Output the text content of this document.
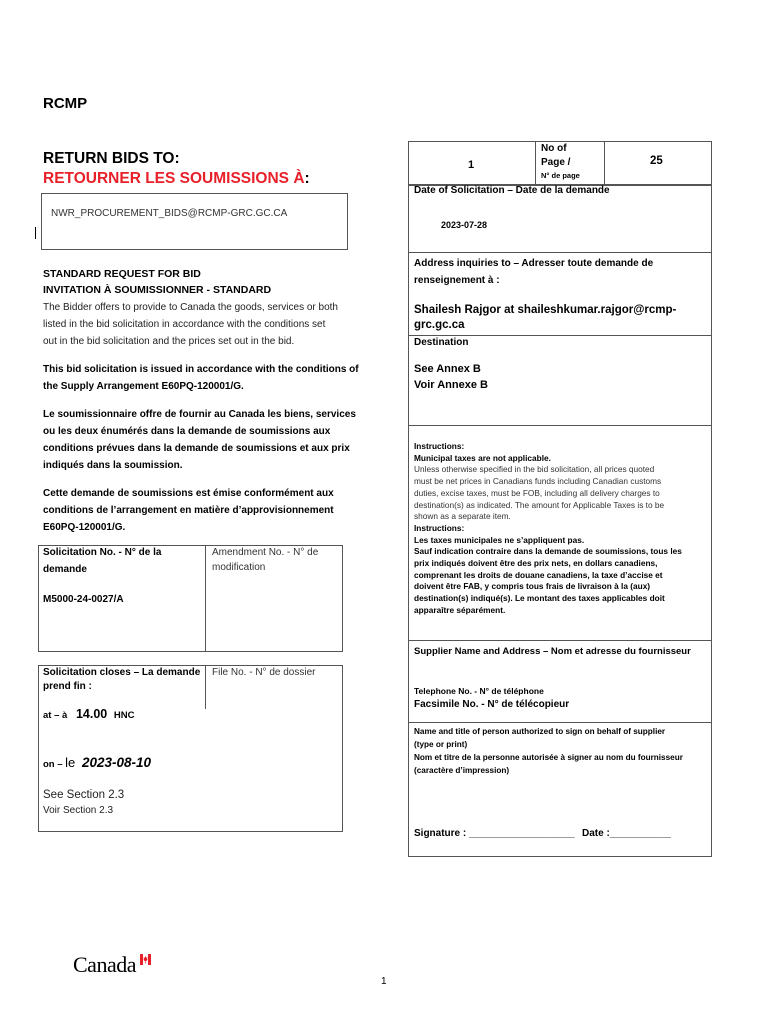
RCMP
RETURN BIDS TO:
RETOURNER LES SOUMISSIONS À:
NWR_PROCUREMENT_BIDS@RCMP-GRC.GC.CA
1
No of
Page /
N° de page
25
Date of Solicitation – Date de la demande
2023-07-28
Address inquiries to – Adresser toute demande de
renseignement à :
Shailesh Rajgor at shaileshkumar.rajgor@rcmp-
grc.gc.ca
Destination
See Annex B
Voir Annexe B
Instructions:
Municipal taxes are not applicable.
Unless otherwise specified in the bid solicitation, all prices quoted
must be net prices in Canadians funds including Canadian customs
duties, excise taxes, must be FOB, including all delivery charges to
destination(s) as indicated. The amount for Applicable Taxes is to be
shown as a separate item.
Instructions:
Les taxes municipales ne s’appliquent pas.
Sauf indication contraire dans la demande de soumissions, tous les
prix indiqués doivent être des prix nets, en dollars canadiens,
comprenant les droits de douane canadiens, la taxe d’accise et
doivent être FAB, y compris tous frais de livraison à la (aux)
destination(s) indiqué(s). Le montant des taxes applicables doit
apparaître séparément.
Supplier Name and Address – Nom et adresse du fournisseur
Telephone No. - N° de téléphone
Facsimile No. - N° de télécopieur
Name and title of person authorized to sign on behalf of supplier
(type or print)
Nom et titre de la personne autorisée à signer au nom du fournisseur
(caractère d’impression)
Signature : ___________________ Date :___________
STANDARD REQUEST FOR BID
INVITATION À SOUMISSIONNER - STANDARD
The Bidder offers to provide to Canada the goods, services or both
listed in the bid solicitation in accordance with the conditions set
out in the bid solicitation and the prices set out in the bid.
This bid solicitation is issued in accordance with the conditions of
the Supply Arrangement E60PQ-120001/G.
Le soumissionnaire offre de fournir au Canada les biens, services
ou les deux énumérés dans la demande de soumissions aux
conditions prévues dans la demande de soumissions et aux prix
indiqués dans la soumission.
Cette demande de soumissions est émise conformément aux
conditions de l’arrangement en matière d’approvisionnement
E60PQ-120001/G.
Solicitation No. - N° de la
demande
M5000-24-0027/A
Amendment No. - N° de
modification
Solicitation closes – La demande
prend fin :
File No. - N° de dossier
at – à 14.00 HNC
on – le 2023-08-10
See Section 2.3
Voir Section 2.3
Canada
1
